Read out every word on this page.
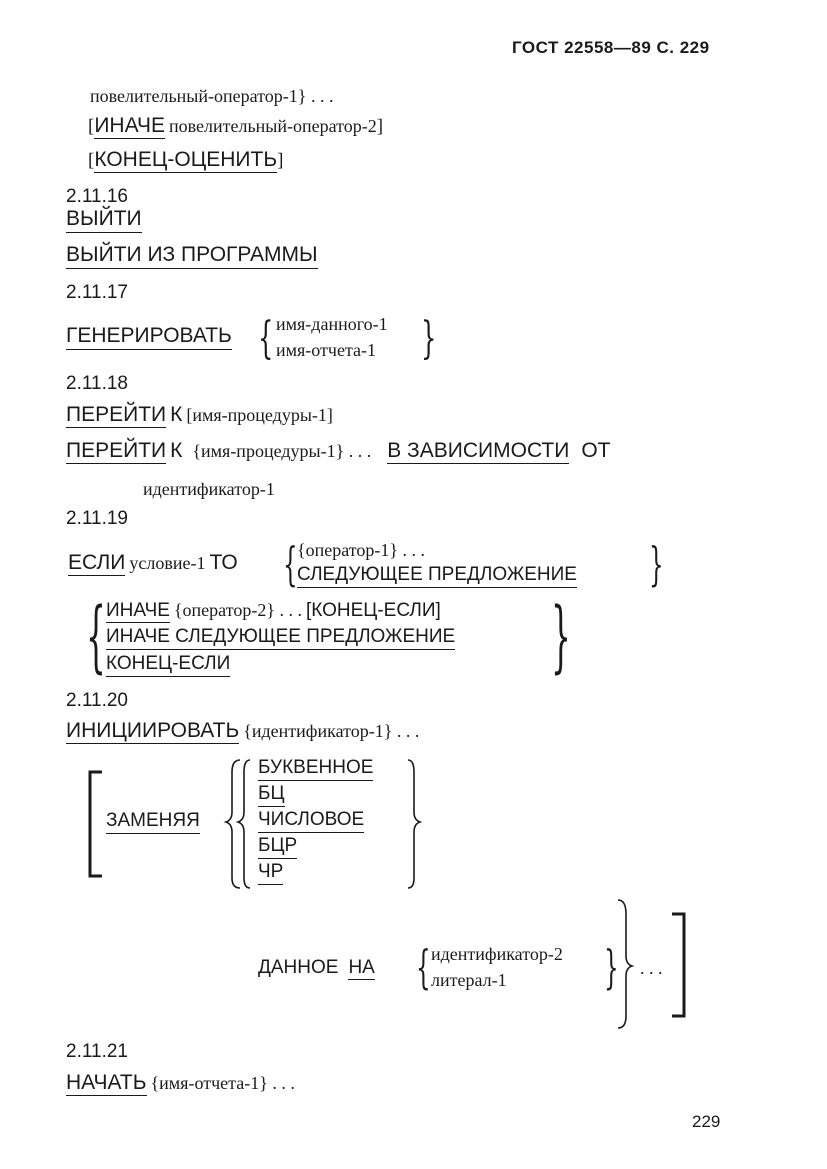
ГОСТ 22558—89 С. 229
повелительный-оператор-1} . . .
[ИНАЧЕ повелительный-оператор-2]
[КОНЕЦ-ОЦЕНИТЬ]
2.11.16
ВЫЙТИ
ВЫЙТИ ИЗ ПРОГРАММЫ
2.11.17
ГЕНЕРИРОВАТЬ { имя-данного-1
имя-отчета-1 }
2.11.18
ПЕРЕЙТИ К [имя-процедуры-1]
ПЕРЕЙТИ К {имя-процедуры-1} . . . В ЗАВИСИМОСТИ ОТ
идентификатор-1
2.11.19
ЕСЛИ условие-1 ТО { {оператор-1} . . .
СЛЕДУЮЩЕЕ ПРЕДЛОЖЕНИЕ }
{ ИНАЧЕ {оператор-2} . . . [КОНЕЦ-ЕСЛИ]
ИНАЧЕ СЛЕДУЮЩЕЕ ПРЕДЛОЖЕНИЕ
КОНЕЦ-ЕСЛИ	}
2.11.20
ИНИЦИИРОВАТЬ {идентификатор-1} . . .
ЗАМЕНЯЯ
БУКВЕННОЕ
БЦ
ЧИСЛОВОЕ
БЦР
ЧР
ДАННОЕ НА { идентификатор-2
литерал-1 } . . .
2.11.21
НАЧАТЬ {имя-отчета-1} . . .
229
